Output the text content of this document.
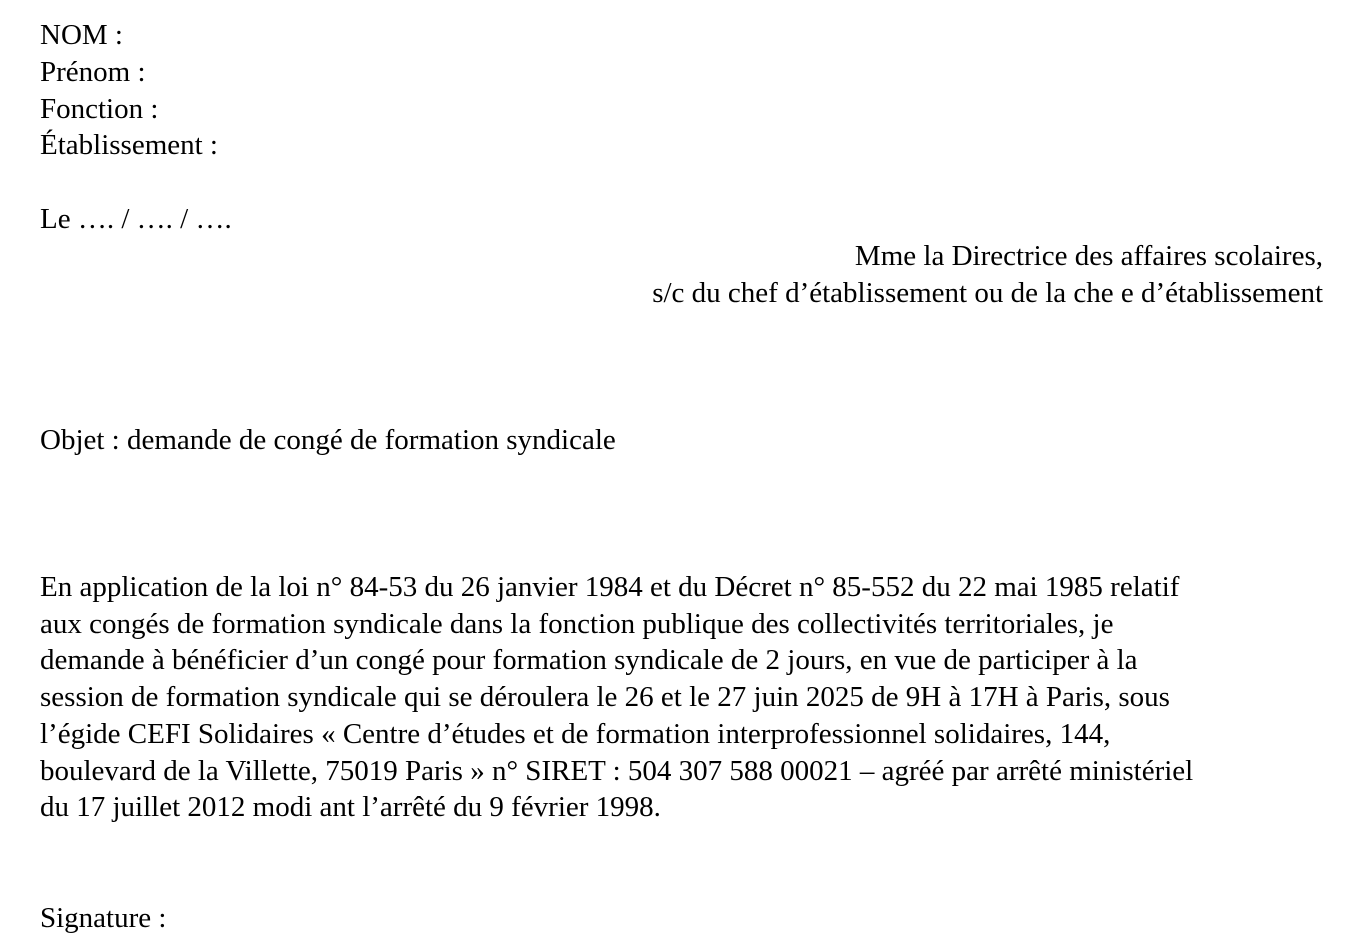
NOM :
Prénom :
Fonction :
Établissement :
Le …. / …. / ….
Mme la Directrice des affaires scolaires,
s/c du chef d’établissement ou de la che e d’établissement
Objet : demande de congé de formation syndicale
En application de la loi n° 84-53 du 26 janvier 1984 et du Décret n° 85-552 du 22 mai 1985 relatif
aux congés de formation syndicale dans la fonction publique des collectivités territoriales, je
demande à bénéficier d’un congé pour formation syndicale de 2 jours, en vue de participer à la
session de formation syndicale qui se déroulera le 26 et le 27 juin 2025 de 9H à 17H à Paris, sous
l’égide CEFI Solidaires « Centre d’études et de formation interprofessionnel solidaires, 144,
boulevard de la Villette, 75019 Paris » n° SIRET : 504 307 588 00021 – agréé par arrêté ministériel
du 17 juillet 2012 modi ant l’arrêté du 9 février 1998.
Signature :
